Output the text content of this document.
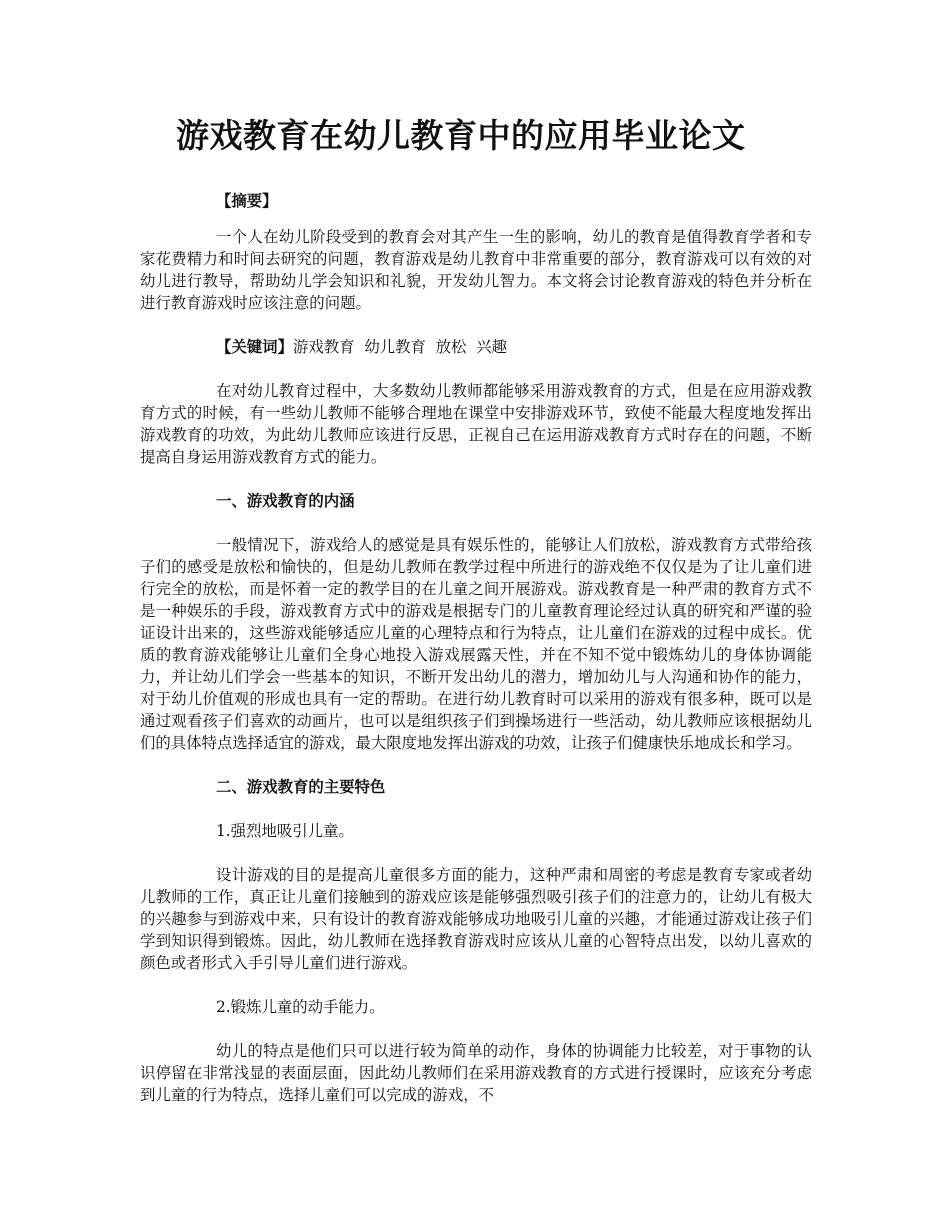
游戏教育在幼儿教育中的应用毕业论文

【摘要】

一个人在幼儿阶段受到的教育会对其产生一生的影响，幼儿的教育是值得教育学者和专家花费精力和时间去研究的问题，教育游戏是幼儿教育中非常重要的部分，教育游戏可以有效的对幼儿进行教导，帮助幼儿学会知识和礼貌，开发幼儿智力。本文将会讨论教育游戏的特色并分析在进行教育游戏时应该注意的问题。

【关键词】游戏教育  幼儿教育  放松  兴趣

在对幼儿教育过程中，大多数幼儿教师都能够采用游戏教育的方式，但是在应用游戏教育方式的时候，有一些幼儿教师不能够合理地在课堂中安排游戏环节，致使不能最大程度地发挥出游戏教育的功效，为此幼儿教师应该进行反思，正视自己在运用游戏教育方式时存在的问题，不断提高自身运用游戏教育方式的能力。

一、游戏教育的内涵

一般情况下，游戏给人的感觉是具有娱乐性的，能够让人们放松，游戏教育方式带给孩子们的感受是放松和愉快的，但是幼儿教师在教学过程中所进行的游戏绝不仅仅是为了让儿童们进行完全的放松，而是怀着一定的教学目的在儿童之间开展游戏。游戏教育是一种严肃的教育方式不是一种娱乐的手段，游戏教育方式中的游戏是根据专门的儿童教育理论经过认真的研究和严谨的验证设计出来的，这些游戏能够适应儿童的心理特点和行为特点，让儿童们在游戏的过程中成长。优质的教育游戏能够让儿童们全身心地投入游戏展露天性，并在不知不觉中锻炼幼儿的身体协调能力，并让幼儿们学会一些基本的知识，不断开发出幼儿的潜力，增加幼儿与人沟通和协作的能力，对于幼儿价值观的形成也具有一定的帮助。在进行幼儿教育时可以采用的游戏有很多种，既可以是通过观看孩子们喜欢的动画片，也可以是组织孩子们到操场进行一些活动，幼儿教师应该根据幼儿们的具体特点选择适宜的游戏，最大限度地发挥出游戏的功效，让孩子们健康快乐地成长和学习。

二、游戏教育的主要特色

1.强烈地吸引儿童。

设计游戏的目的是提高儿童很多方面的能力，这种严肃和周密的考虑是教育专家或者幼儿教师的工作，真正让儿童们接触到的游戏应该是能够强烈吸引孩子们的注意力的，让幼儿有极大的兴趣参与到游戏中来，只有设计的教育游戏能够成功地吸引儿童的兴趣，才能通过游戏让孩子们学到知识得到锻炼。因此，幼儿教师在选择教育游戏时应该从儿童的心智特点出发，以幼儿喜欢的颜色或者形式入手引导儿童们进行游戏。

2.锻炼儿童的动手能力。

幼儿的特点是他们只可以进行较为简单的动作，身体的协调能力比较差，对于事物的认识停留在非常浅显的表面层面，因此幼儿教师们在采用游戏教育的方式进行授课时，应该充分考虑到儿童的行为特点，选择儿童们可以完成的游戏，不
